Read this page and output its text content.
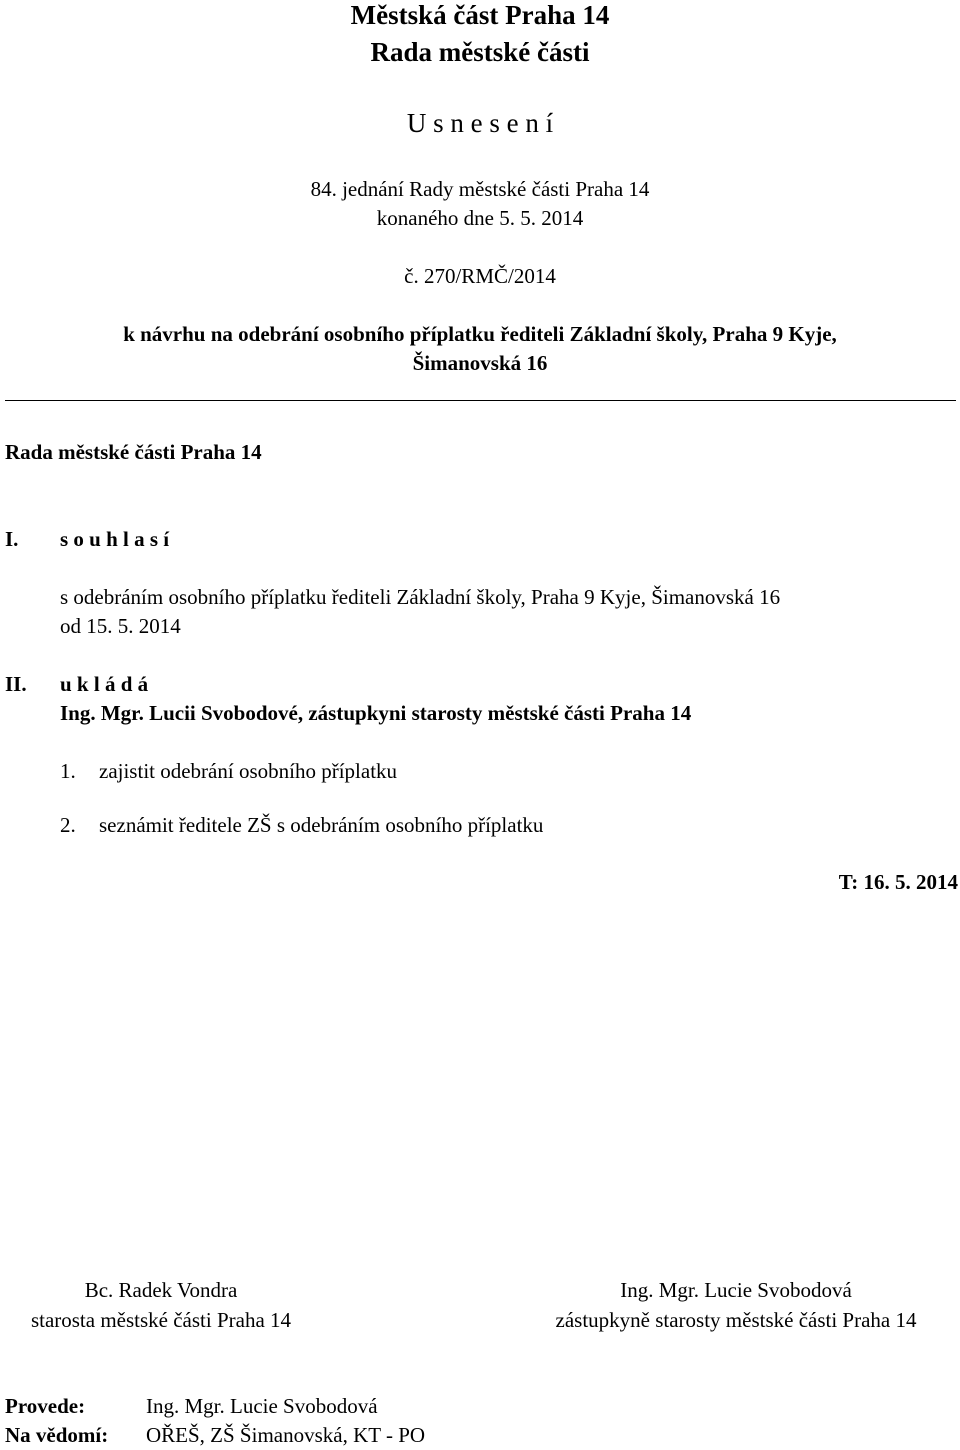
Městská část Praha 14
Rada městské části
U s n e s e n í
84. jednání Rady městské části Praha 14
konaného dne 5. 5. 2014
č. 270/RMČ/2014
k návrhu na odebrání osobního příplatku řediteli Základní školy, Praha 9 Kyje,
Šimanovská 16
Rada městské části Praha 14
I. s o u h l a s í
s odebráním osobního příplatku řediteli Základní školy, Praha 9 Kyje, Šimanovská 16
od 15. 5. 2014
II. u k l á d á
Ing. Mgr. Lucii Svobodové, zástupkyni starosty městské části Praha 14
1. zajistit odebrání osobního příplatku
2. seznámit ředitele ZŠ s odebráním osobního příplatku
T: 16. 5. 2014
Bc. Radek Vondra
starosta městské části Praha 14
Ing. Mgr. Lucie Svobodová
zástupkyně starosty městské části Praha 14
Provede:	Ing. Mgr. Lucie Svobodová
Na vědomí: OŘEŠ, ZŠ Šimanovská, KT - PO
